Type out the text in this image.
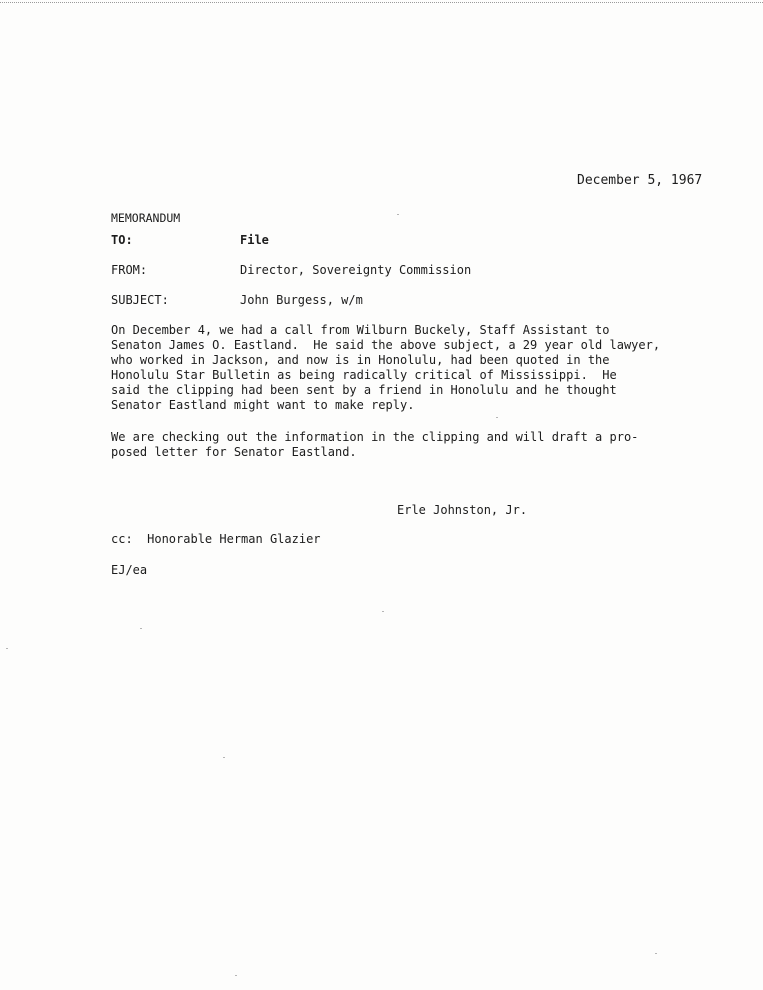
December 5, 1967
MEMORANDUM
TO:	File
FROM:	Director, Sovereignty Commission
SUBJECT:	John Burgess, w/m
On December 4, we had a call from Wilburn Buckely, Staff Assistant to
Senaton James O. Eastland.  He said the above subject, a 29 year old lawyer,
who worked in Jackson, and now is in Honolulu, had been quoted in the
Honolulu Star Bulletin as being radically critical of Mississippi.  He
said the clipping had been sent by a friend in Honolulu and he thought
Senator Eastland might want to make reply.
We are checking out the information in the clipping and will draft a pro-
posed letter for Senator Eastland.
Erle Johnston, Jr.
cc:  Honorable Herman Glazier
EJ/ea
